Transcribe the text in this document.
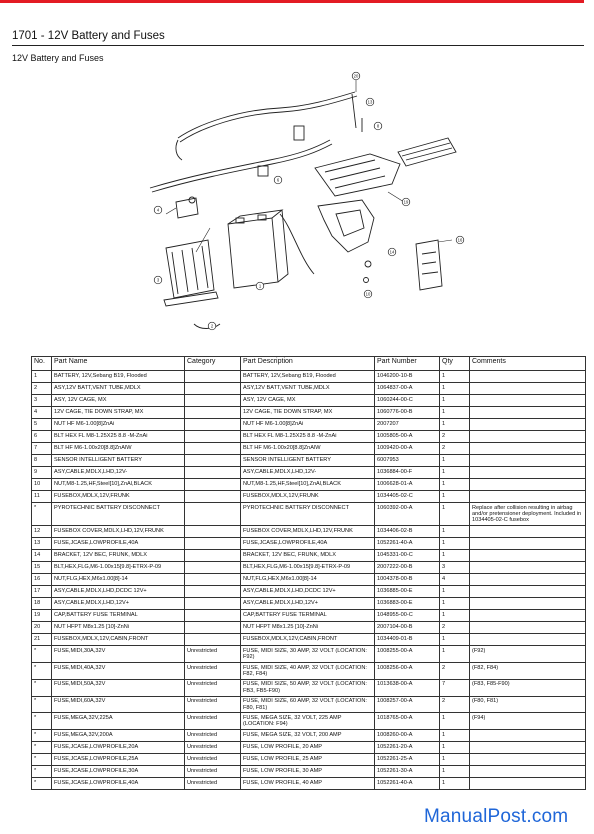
1701 - 12V Battery and Fuses
12V Battery and Fuses
20
13
8
4
6
1
3
2
19
16
14
10
No.	Part Name	Category	Part Description	Part Number	Qty	Comments
1	BATTERY, 12V,Sebang B19, Flooded		BATTERY, 12V,Sebang B19, Flooded	1046200-10-B	1	
2	ASY,12V BATT,VENT TUBE,MDLX		ASY,12V BATT,VENT TUBE,MDLX	1064837-00-A	1	
3	ASY, 12V CAGE, MX		ASY, 12V CAGE, MX	1060244-00-C	1	
4	12V CAGE, TIE DOWN STRAP, MX		12V CAGE, TIE DOWN STRAP, MX	1060776-00-B	1	
5	NUT HF M6-1.00[8]ZnAi		NUT HF M6-1.00[8]ZnAi	2007207	1	
6	BLT HEX FL M8-1.25X25 8.8 -M-ZnAi		BLT HEX FL M8-1.25X25 8.8 -M-ZnAi	1005805-00-A	2	
7	BLT HF M6-1.00x20[8.8]ZnAlW		BLT HF M6-1.00x20[8.8]ZnAlW	1009420-00-A	2	
8	SENSOR INTELLIGENT BATTERY		SENSOR INTELLIGENT BATTERY	6007953	1	
9	ASY,CABLE,MDLX,LHD,12V-		ASY,CABLE,MDLX,LHD,12V-	1036884-00-F	1	
10	NUT,M8-1.25,HF,Steel[10],ZnAl,BLACK		NUT,M8-1.25,HF,Steel[10],ZnAl,BLACK	1006628-01-A	1	
11	FUSEBOX,MDLX,12V,FRUNK		FUSEBOX,MDLX,12V,FRUNK	1034405-02-C	1	
*	PYROTECHNIC BATTERY DISCONNECT		PYROTECHNIC BATTERY DISCONNECT	1060392-00-A	1	Replace after collision resulting in airbag and/or pretensioner deployment. Included in 1034405-02-C fusebox
12	FUSEBOX COVER,MDLX,LHD,12V,FRUNK		FUSEBOX COVER,MDLX,LHD,12V,FRUNK	1034406-02-B	1	
13	FUSE,JCASE,LOWPROFILE,40A		FUSE,JCASE,LOWPROFILE,40A	1052261-40-A	1	
14	BRACKET, 12V BEC, FRUNK, MDLX		BRACKET, 12V BEC, FRUNK, MDLX	1045331-00-C	1	
15	BLT,HEX,FLG,M6-1.00x15[9.8]-ETRX-P-09		BLT,HEX,FLG,M6-1.00x15[9.8]-ETRX-P-09	2007222-00-B	3	
16	NUT,FLG,HEX,M6x1.00[8]-14		NUT,FLG,HEX,M6x1.00[8]-14	1004378-00-B	4	
17	ASY,CABLE,MDLX,LHD,DCDC 12V+		ASY,CABLE,MDLX,LHD,DCDC 12V+	1036885-00-E	1	
18	ASY,CABLE,MDLX,LHD,12V+		ASY,CABLE,MDLX,LHD,12V+	1036883-00-E	1	
19	CAP,BATTERY FUSE TERMINAL		CAP,BATTERY FUSE TERMINAL	1048955-00-C	1	
20	NUT HFPT M8x1.25 [10]-ZnNi		NUT HFPT M8x1.25 [10]-ZnNi	2007104-00-B	2	
21	FUSEBOX,MDLX,12V,CABIN,FRONT		FUSEBOX,MDLX,12V,CABIN,FRONT	1034409-01-B	1	
*	FUSE,MIDI,30A,32V	Unrestricted	FUSE, MIDI SIZE, 30 AMP, 32 VOLT (LOCATION: F92)	1008255-00-A	1	(F92)
*	FUSE,MIDI,40A,32V	Unrestricted	FUSE, MIDI SIZE, 40 AMP, 32 VOLT (LOCATION: F82, F84)	1008256-00-A	2	(F82, F84)
*	FUSE,MIDI,50A,32V	Unrestricted	FUSE, MIDI SIZE, 50 AMP, 32 VOLT (LOCATION: FB3, FB5-F90)	1013638-00-A	7	(F83, F85-F90)
*	FUSE,MIDI,60A,32V	Unrestricted	FUSE, MIDI SIZE, 60 AMP, 32 VOLT (LOCATION: F80, F81)	1008257-00-A	2	(F80, F81)
*	FUSE,MEGA,32V,225A	Unrestricted	FUSE, MEGA SIZE, 32 VOLT, 225 AMP (LOCATION: F94)	1018765-00-A	1	(F94)
*	FUSE,MEGA,32V,200A	Unrestricted	FUSE, MEGA SIZE, 32 VOLT, 200 AMP	1008260-00-A	1	
*	FUSE,JCASE,LOWPROFILE,20A	Unrestricted	FUSE, LOW PROFILE, 20 AMP	1052261-20-A	1	
*	FUSE,JCASE,LOWPROFILE,25A	Unrestricted	FUSE, LOW PROFILE, 25 AMP	1052261-25-A	1	
*	FUSE,JCASE,LOWPROFILE,30A	Unrestricted	FUSE, LOW PROFILE, 30 AMP	1052261-30-A	1	
*	FUSE,JCASE,LOWPROFILE,40A	Unrestricted	FUSE, LOW PROFILE, 40 AMP	1052261-40-A	1	
ManualPost.com
